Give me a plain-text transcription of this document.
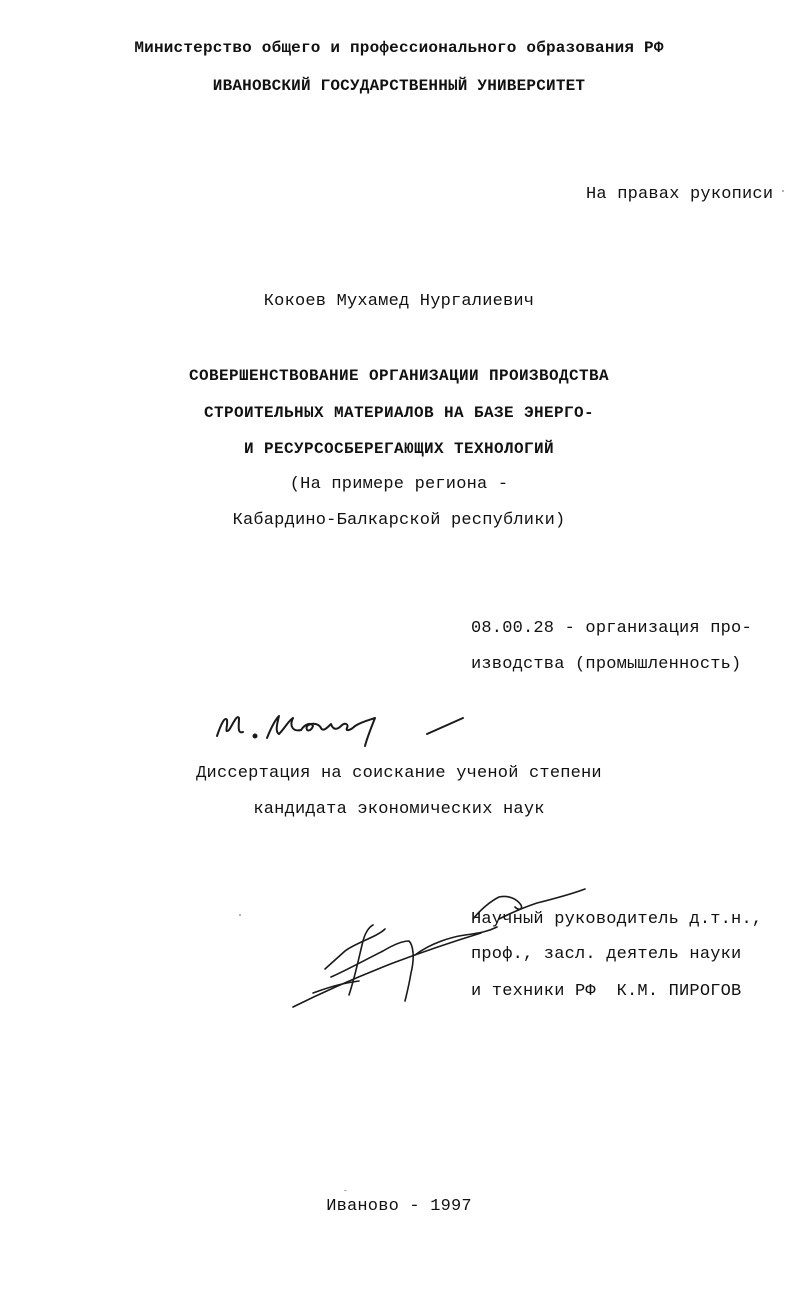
Министерство общего и профессионального образования РФ
ИВАНОВСКИЙ ГОСУДАРСТВЕННЫЙ УНИВЕРСИТЕТ
На правах рукописи
Кокоев Мухамед Нургалиевич
СОВЕРШЕНСТВОВАНИЕ ОРГАНИЗАЦИИ ПРОИЗВОДСТВА
СТРОИТЕЛЬНЫХ МАТЕРИАЛОВ НА БАЗЕ ЭНЕРГО-
И РЕСУРСОСБЕРЕГАЮЩИХ ТЕХНОЛОГИЙ
(На примере региона -
Кабардино-Балкарской республики)
08.00.28 - организация про-
изводства (промышленность)
Диссертация на соискание ученой степени
кандидата экономических наук
Научный руководитель д.т.н.,
проф., засл. деятель науки
и техники РФ  К.М. ПИРОГОВ
Иваново - 1997
